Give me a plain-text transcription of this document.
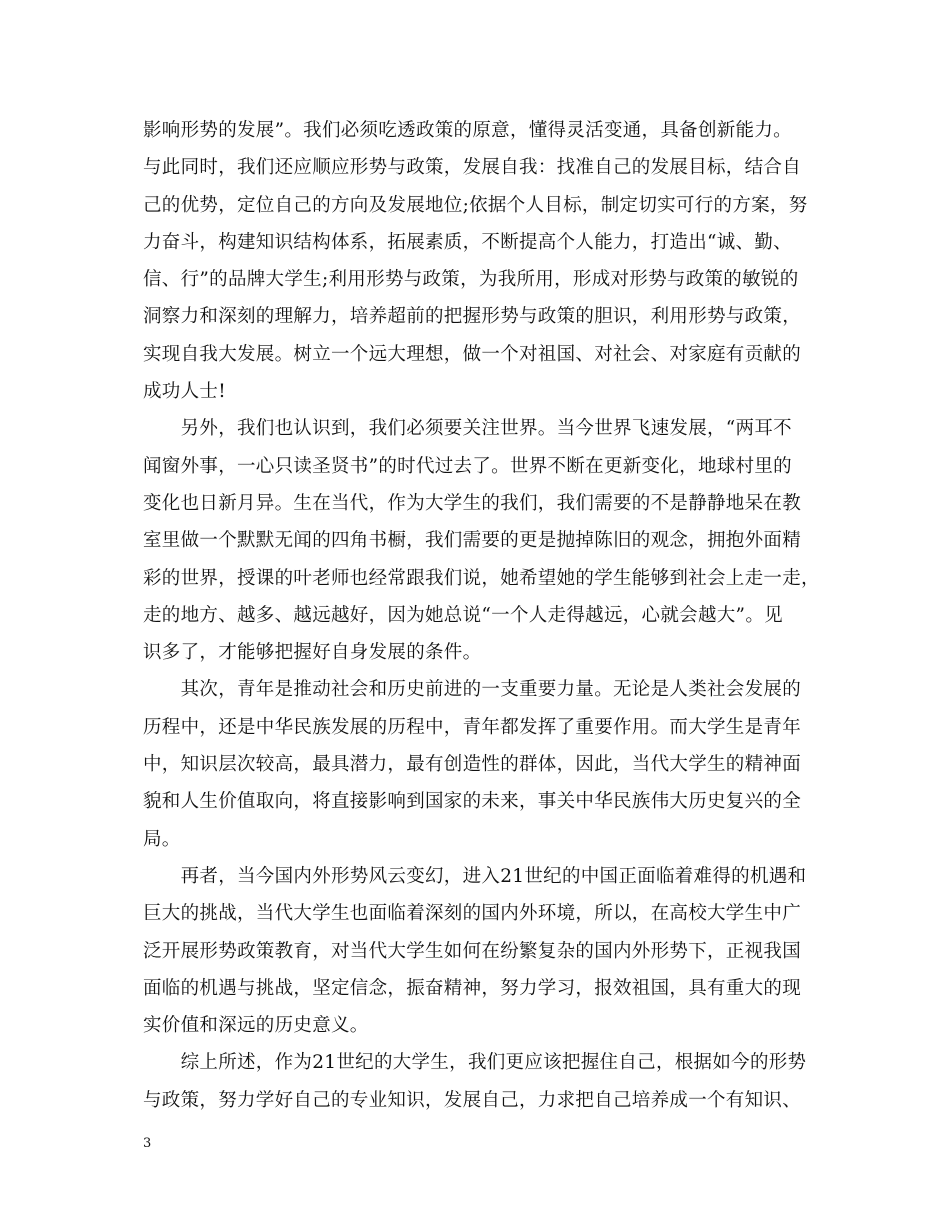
影响形势的发展”。我们必须吃透政策的原意，懂得灵活变通，具备创新能力。
与此同时，我们还应顺应形势与政策，发展自我：找准自己的发展目标，结合自
己的优势，定位自己的方向及发展地位;依据个人目标，制定切实可行的方案，努
力奋斗，构建知识结构体系，拓展素质，不断提高个人能力，打造出“诚、勤、
信、行”的品牌大学生;利用形势与政策，为我所用，形成对形势与政策的敏锐的
洞察力和深刻的理解力，培养超前的把握形势与政策的胆识，利用形势与政策，
实现自我大发展。树立一个远大理想，做一个对祖国、对社会、对家庭有贡献的
成功人士!
　　另外，我们也认识到，我们必须要关注世界。当今世界飞速发展，“两耳不
闻窗外事，一心只读圣贤书”的时代过去了。世界不断在更新变化，地球村里的
变化也日新月异。生在当代，作为大学生的我们，我们需要的不是静静地呆在教
室里做一个默默无闻的四角书橱，我们需要的更是抛掉陈旧的观念，拥抱外面精
彩的世界，授课的叶老师也经常跟我们说，她希望她的学生能够到社会上走一走，
走的地方、越多、越远越好，因为她总说“一个人走得越远，心就会越大”。见
识多了，才能够把握好自身发展的条件。
　　其次，青年是推动社会和历史前进的一支重要力量。无论是人类社会发展的
历程中，还是中华民族发展的历程中，青年都发挥了重要作用。而大学生是青年
中，知识层次较高，最具潜力，最有创造性的群体，因此，当代大学生的精神面
貌和人生价值取向，将直接影响到国家的未来，事关中华民族伟大历史复兴的全
局。
　　再者，当今国内外形势风云变幻，进入21世纪的中国正面临着难得的机遇和
巨大的挑战，当代大学生也面临着深刻的国内外环境，所以，在高校大学生中广
泛开展形势政策教育，对当代大学生如何在纷繁复杂的国内外形势下，正视我国
面临的机遇与挑战，坚定信念，振奋精神，努力学习，报效祖国，具有重大的现
实价值和深远的历史意义。
　　综上所述，作为21世纪的大学生，我们更应该把握住自己，根据如今的形势
与政策，努力学好自己的专业知识，发展自己，力求把自己培养成一个有知识、
3
